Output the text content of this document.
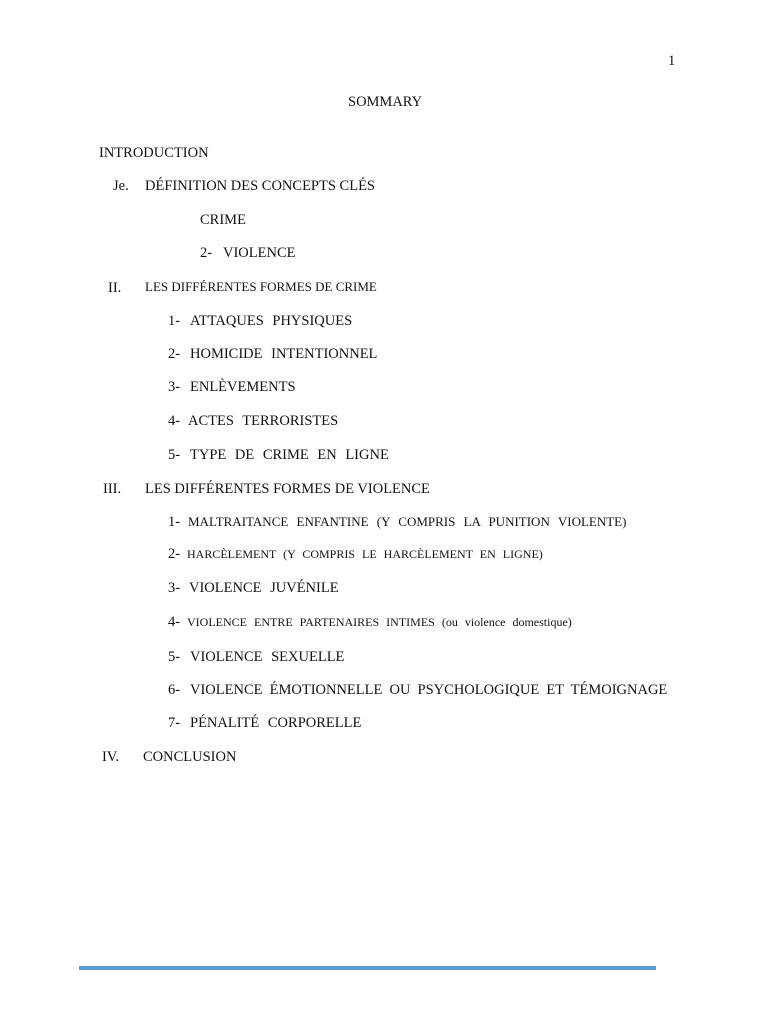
1
SOMMARY
INTRODUCTION
Je. DÉFINITION DES CONCEPTS CLÉS
CRIME
2- VIOLENCE
II. LES DIFFÉRENTES FORMES DE CRIME
1- ATTAQUES PHYSIQUES
2- HOMICIDE INTENTIONNEL
3- ENLÈVEMENTS
4- ACTES TERRORISTES
5- TYPE DE CRIME EN LIGNE
III. LES DIFFÉRENTES FORMES DE VIOLENCE
1- MALTRAITANCE ENFANTINE (Y COMPRIS LA PUNITION VIOLENTE)
2- HARCÈLEMENT (Y COMPRIS LE HARCÈLEMENT EN LIGNE)
3- VIOLENCE JUVÉNILE
4- VIOLENCE ENTRE PARTENAIRES INTIMES (ou violence domestique)
5- VIOLENCE SEXUELLE
6- VIOLENCE ÉMOTIONNELLE OU PSYCHOLOGIQUE ET TÉMOIGNAGE
7- PÉNALITÉ CORPORELLE
IV. CONCLUSION
